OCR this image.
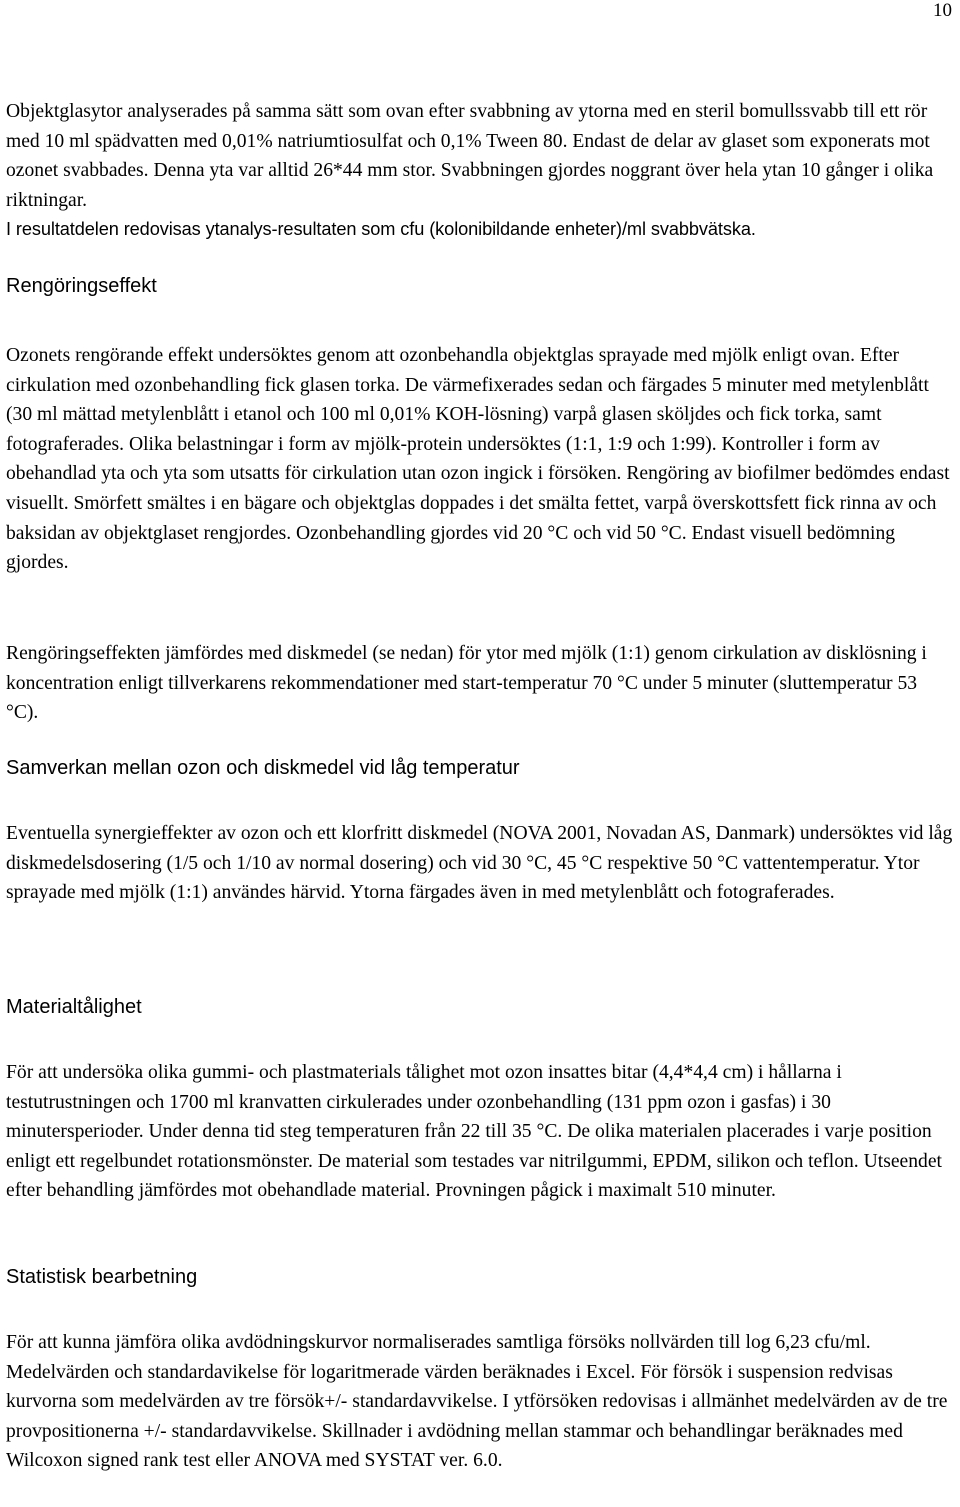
10

Objektglasytor analyserades på samma sätt som ovan efter svabbning av ytorna med en steril bomullssvabb till ett rör med 10 ml spädvatten med 0,01% natriumtiosulfat och 0,1% Tween 80. Endast de delar av glaset som exponerats mot ozonet svabbades. Denna yta var alltid 26*44 mm stor. Svabbningen gjordes noggrant över hela ytan 10 gånger i olika riktningar.

I resultatdelen redovisas ytanalys-resultaten som cfu (kolonibildande enheter)/ml svabbvätska.

Rengöringseffekt

Ozonets rengörande effekt undersöktes genom att ozonbehandla objektglas sprayade med mjölk enligt ovan. Efter cirkulation med ozonbehandling fick glasen torka. De värmefixerades sedan och färgades 5 minuter med metylenblått (30 ml mättad metylenblått i etanol och 100 ml 0,01% KOH-lösning) varpå glasen sköljdes och fick torka, samt fotograferades. Olika belastningar i form av mjölk-protein undersöktes (1:1, 1:9 och 1:99). Kontroller i form av obehandlad yta och yta som utsatts för cirkulation utan ozon ingick i försöken. Rengöring av biofilmer bedömdes endast visuellt. Smörfett smältes i en bägare och objektglas doppades i det smälta fettet, varpå överskottsfett fick rinna av och baksidan av objektglaset rengjordes. Ozonbehandling gjordes vid 20 °C och vid 50 °C. Endast visuell bedömning gjordes.

Rengöringseffekten jämfördes med diskmedel (se nedan) för ytor med mjölk (1:1) genom cirkulation av disklösning i koncentration enligt tillverkarens rekommendationer med start-temperatur 70 °C under 5 minuter (sluttemperatur 53 °C).

Samverkan mellan ozon och diskmedel vid låg temperatur

Eventuella synergieffekter av ozon och ett klorfritt diskmedel (NOVA 2001, Novadan AS, Danmark) undersöktes vid låg diskmedelsdosering (1/5 och 1/10 av normal dosering) och vid 30 °C, 45 °C respektive 50 °C vattentemperatur. Ytor sprayade med mjölk (1:1) användes härvid. Ytorna färgades även in med metylenblått och fotograferades.

Materialtålighet

För att undersöka olika gummi- och plastmaterials tålighet mot ozon insattes bitar (4,4*4,4 cm) i hållarna i testutrustningen och 1700 ml kranvatten cirkulerades under ozonbehandling (131 ppm ozon i gasfas) i 30 minutersperioder. Under denna tid steg temperaturen från 22 till 35 °C. De olika materialen placerades i varje position enligt ett regelbundet rotationsmönster. De material som testades var nitrilgummi, EPDM, silikon och teflon. Utseendet efter behandling jämfördes mot obehandlade material. Provningen pågick i maximalt 510 minuter.

Statistisk bearbetning

För att kunna jämföra olika avdödningskurvor normaliserades samtliga försöks nollvärden till log 6,23 cfu/ml. Medelvärden och standardavikelse för logaritmerade värden beräknades i Excel. För försök i suspension redvisas kurvorna som medelvärden av tre försök+/- standardavvikelse. I ytförsöken redovisas i allmänhet medelvärden av de tre provpositionerna +/- standardavvikelse. Skillnader i avdödning mellan stammar och behandlingar beräknades med Wilcoxon signed rank test eller ANOVA med SYSTAT ver. 6.0.
